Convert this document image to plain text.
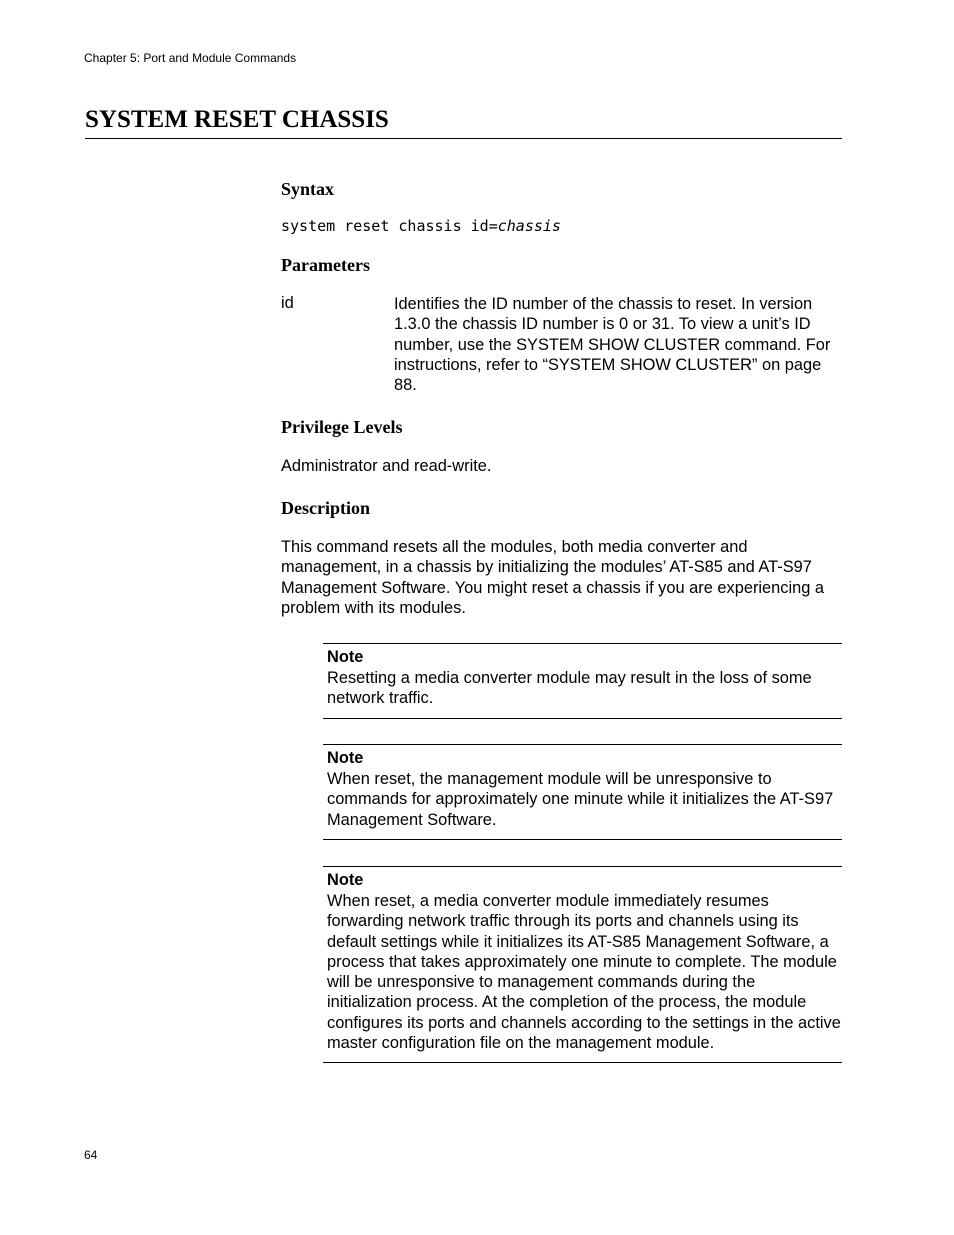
Chapter 5: Port and Module Commands
SYSTEM RESET CHASSIS
Syntax
system reset chassis id=chassis
Parameters
id	Identifies the ID number of the chassis to reset. In version 1.3.0 the chassis ID number is 0 or 31. To view a unit’s ID number, use the SYSTEM SHOW CLUSTER command. For instructions, refer to “SYSTEM SHOW CLUSTER” on page 88.
Privilege Levels
Administrator and read-write.
Description
This command resets all the modules, both media converter and management, in a chassis by initializing the modules’ AT-S85 and AT-S97 Management Software. You might reset a chassis if you are experiencing a problem with its modules.
Note
Resetting a media converter module may result in the loss of some network traffic.
Note
When reset, the management module will be unresponsive to commands for approximately one minute while it initializes the AT-S97 Management Software.
Note
When reset, a media converter module immediately resumes forwarding network traffic through its ports and channels using its default settings while it initializes its AT-S85 Management Software, a process that takes approximately one minute to complete. The module will be unresponsive to management commands during the initialization process. At the completion of the process, the module configures its ports and channels according to the settings in the active master configuration file on the management module.
64
